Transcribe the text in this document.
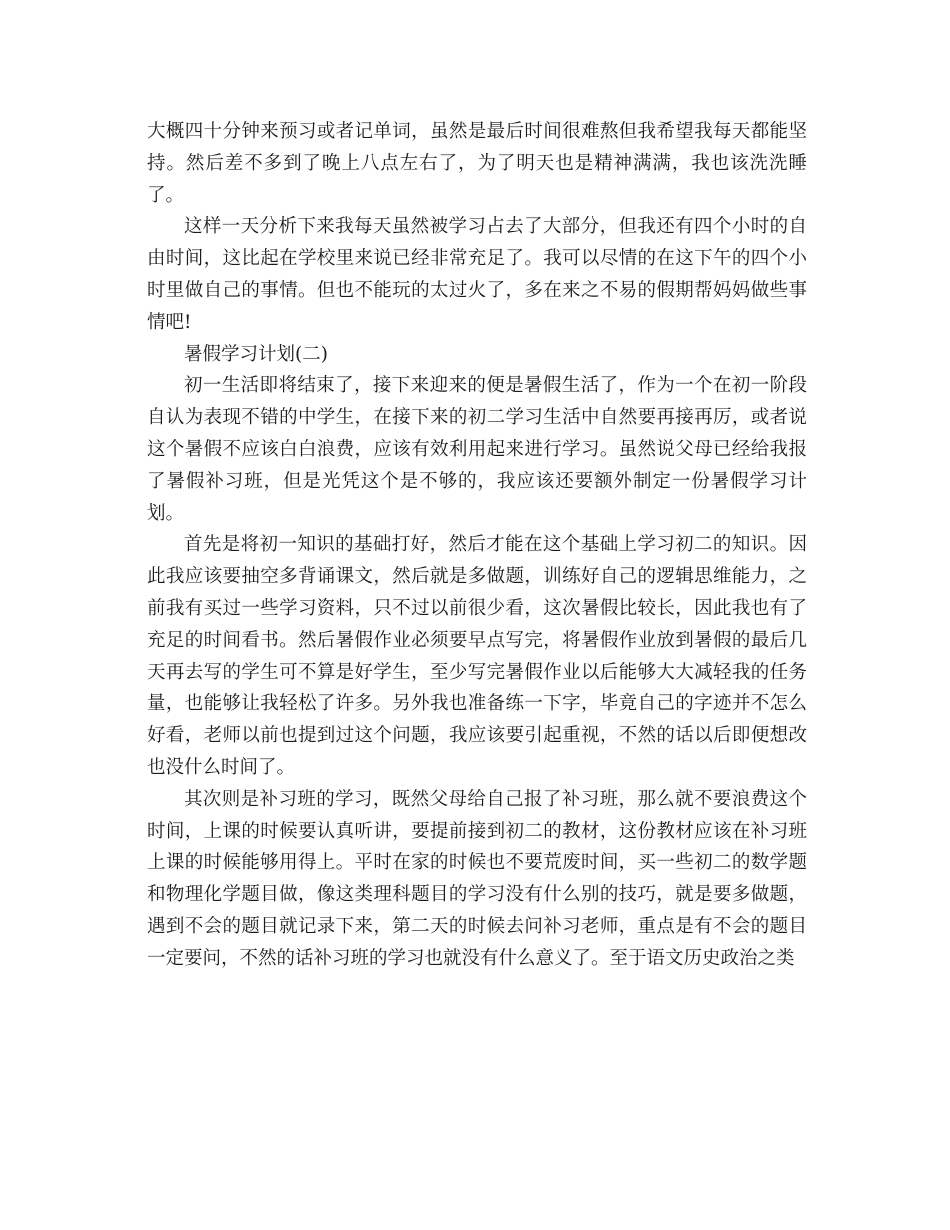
大概四十分钟来预习或者记单词，虽然是最后时间很难熬但我希望我每天都能坚持。然后差不多到了晚上八点左右了，为了明天也是精神满满，我也该洗洗睡了。

这样一天分析下来我每天虽然被学习占去了大部分，但我还有四个小时的自由时间，这比起在学校里来说已经非常充足了。我可以尽情的在这下午的四个小时里做自己的事情。但也不能玩的太过火了，多在来之不易的假期帮妈妈做些事情吧!

暑假学习计划(二)

初一生活即将结束了，接下来迎来的便是暑假生活了，作为一个在初一阶段自认为表现不错的中学生，在接下来的初二学习生活中自然要再接再厉，或者说这个暑假不应该白白浪费，应该有效利用起来进行学习。虽然说父母已经给我报了暑假补习班，但是光凭这个是不够的，我应该还要额外制定一份暑假学习计划。

首先是将初一知识的基础打好，然后才能在这个基础上学习初二的知识。因此我应该要抽空多背诵课文，然后就是多做题，训练好自己的逻辑思维能力，之前我有买过一些学习资料，只不过以前很少看，这次暑假比较长，因此我也有了充足的时间看书。然后暑假作业必须要早点写完，将暑假作业放到暑假的最后几天再去写的学生可不算是好学生，至少写完暑假作业以后能够大大减轻我的任务量，也能够让我轻松了许多。另外我也准备练一下字，毕竟自己的字迹并不怎么好看，老师以前也提到过这个问题，我应该要引起重视，不然的话以后即便想改也没什么时间了。

其次则是补习班的学习，既然父母给自己报了补习班，那么就不要浪费这个时间，上课的时候要认真听讲，要提前接到初二的教材，这份教材应该在补习班上课的时候能够用得上。平时在家的时候也不要荒废时间，买一些初二的数学题和物理化学题目做，像这类理科题目的学习没有什么别的技巧，就是要多做题，遇到不会的题目就记录下来，第二天的时候去问补习老师，重点是有不会的题目一定要问，不然的话补习班的学习也就没有什么意义了。至于语文历史政治之类
